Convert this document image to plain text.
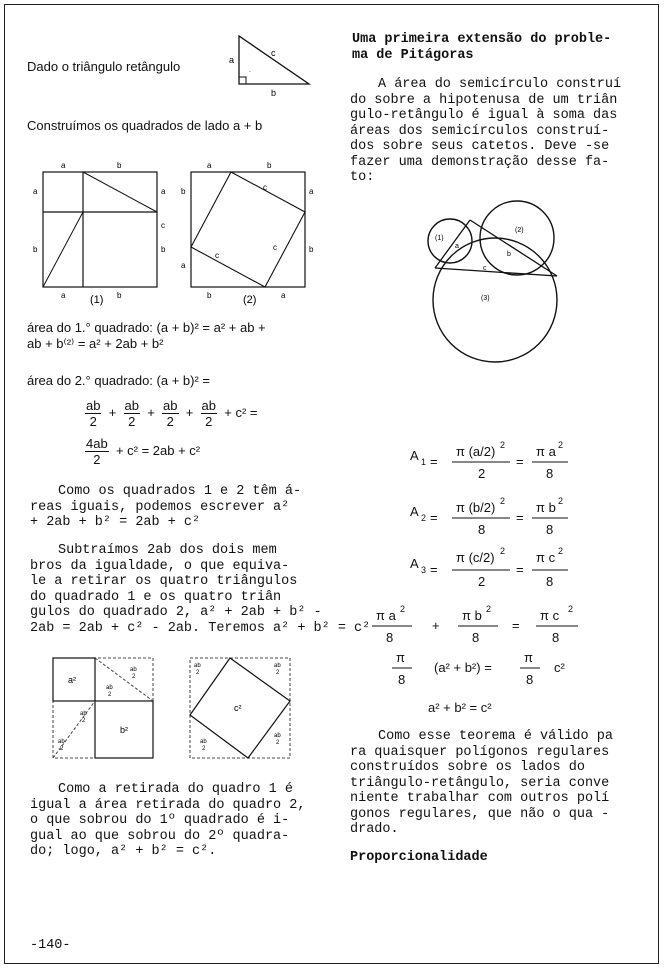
Dado o triângulo retângulo	a
c
b
.
Construímos os quadrados de lado a + b
a	b
a
b
a
b
a	b
a	b
b
a
a
b
b	a
c
c
c
c
(1)	(2)
área do 1.° quadrado: (a + b)² = a² + ab +
ab + b⁽²⁾ = a² + 2ab + b²
área do 2.° quadrado: (a + b)² =
$\frac{ab}{2} + \frac{ab}{2} + \frac{ab}{2} + \frac{ab}{2} + c^2$ =
$\frac{4ab}{2} + c^2 = 2ab + c^2$
Como os quadrados 1 e 2 têm á-
reas iguais, podemos escrever a²
+ 2ab + b² = 2ab + c²
Subtraímos 2ab dos dois mem
bros da igualdade, o que equiva-
le a retirar os quatro triângulos
do quadrado 1 e os quatro triân
gulos do quadrado 2, a² + 2ab + b² -
2ab = 2ab + c² - 2ab. Teremos a² + b² = c²
a²
b²
ab
2
ab
2
ab
2
ab
2
c²
ab
2
ab
2
ab
2
ab
2
Como a retirada do quadro 1 é
igual a área retirada do quadro 2,
o que sobrou do 1º quadrado é i-
gual ao que sobrou do 2º quadra-
do; logo, a² + b² = c².
-140-
Uma primeira extensão do proble-
ma de Pitágoras
A área do semicírculo construí
do sobre a hipotenusa de um triân
gulo-retângulo é igual à soma das
áreas dos semicírculos construí-
dos sobre seus catetos. Deve -se
fazer uma demonstração desse fa-
to:
(1)
(2)
(3)
a
b
c
A 1 =
π (a/2) 2
2
=
π a 2
8
A 2 =
π (b/2) 2
8
=
π b 2
8
A 3 =
π (c/2) 2
2
=
π c 2
8
π a 2
8
+
π b 2
8
=
π c 2
8
π
8
(a² + b²) =
π
8
c²
a² + b² = c²
Como esse teorema é válido pa
ra quaisquer polígonos regulares
construídos sobre os lados do
triângulo-retângulo, seria conve
niente trabalhar com outros polí
gonos regulares, que não o qua -
drado.
Proporcionalidade
